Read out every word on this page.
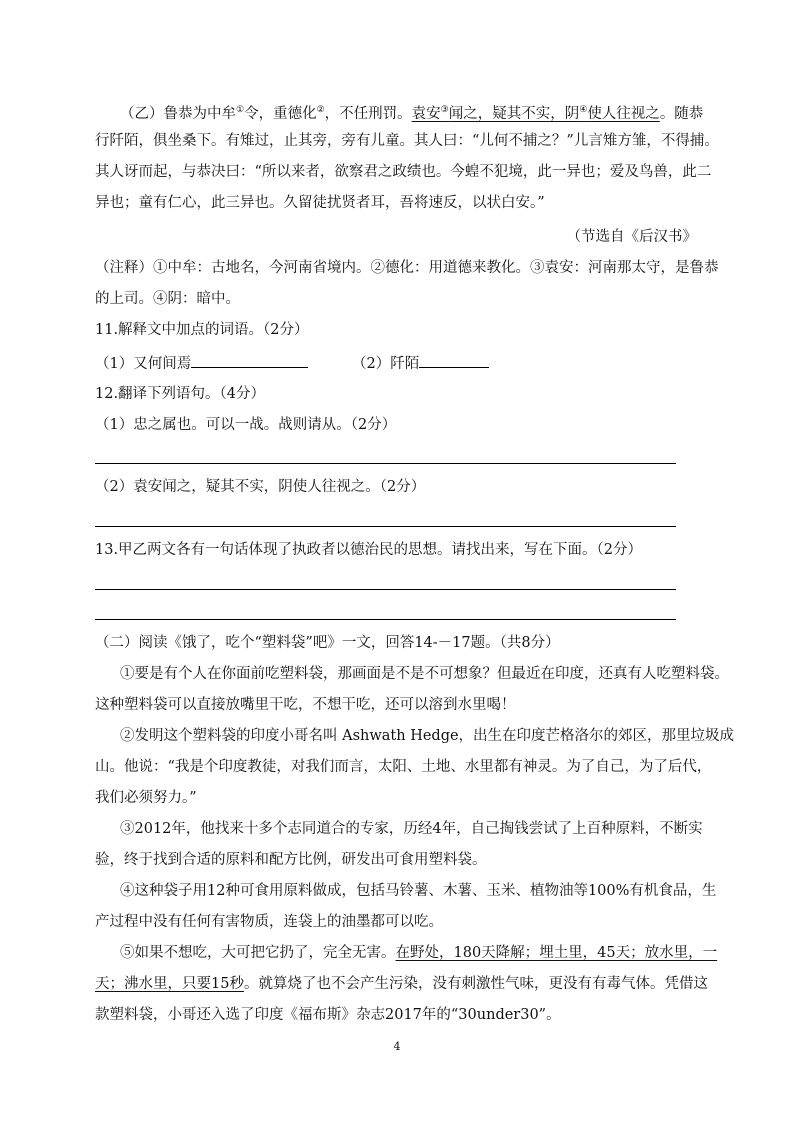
（乙）鲁恭为中牟①令，重德化②，不任刑罚。袁安③闻之，疑其不实，阴④使人往视之。随恭
行阡陌，俱坐桑下。有雉过，止其旁，旁有儿童。其人曰：“儿何不捕之？”儿言雉方雏，不得捕。
其人讶而起，与恭决曰：“所以来者，欲察君之政绩也。今蝗不犯境，此一异也；爱及鸟兽，此二
异也；童有仁心，此三异也。久留徒扰贤者耳，吾将速反，以状白安。”
（节选自《后汉书》
（注释）①中牟：古地名，今河南省境内。②德化：用道德来教化。③袁安：河南那太守，是鲁恭
的上司。④阴：暗中。
11.解释文中加点的词语。（2分）
（1）又何间焉	（2）阡陌
12.翻译下列语句。（4分）
（1）忠之属也。可以一战。战则请从。（2分）
（2）袁安闻之，疑其不实，阴使人往视之。（2分）
13.甲乙两文各有一句话体现了执政者以德治民的思想。请找出来，写在下面。（2分）
（二）阅读《饿了，吃个“塑料袋”吧》一文，回答14-－17题。（共8分）
①要是有个人在你面前吃塑料袋，那画面是不是不可想象？但最近在印度，还真有人吃塑料袋。
这种塑料袋可以直接放嘴里干吃，不想干吃，还可以溶到水里喝！
②发明这个塑料袋的印度小哥名叫 Ashwath Hedge，出生在印度芒格洛尔的郊区，那里垃圾成
山。他说：“我是个印度教徒，对我们而言，太阳、土地、水里都有神灵。为了自己，为了后代，
我们必须努力。”
③2012年，他找来十多个志同道合的专家，历经4年，自己掏钱尝试了上百种原料，不断实
验，终于找到合适的原料和配方比例，研发出可食用塑料袋。
④这种袋子用12种可食用原料做成，包括马铃薯、木薯、玉米、植物油等100%有机食品，生
产过程中没有任何有害物质，连袋上的油墨都可以吃。
⑤如果不想吃，大可把它扔了，完全无害。在野处，180天降解；埋土里，45天；放水里，一
天；沸水里，只要15秒。就算烧了也不会产生污染，没有刺激性气味，更没有有毒气体。凭借这
款塑料袋，小哥还入选了印度《福布斯》杂志2017年的“30under30”。
4
